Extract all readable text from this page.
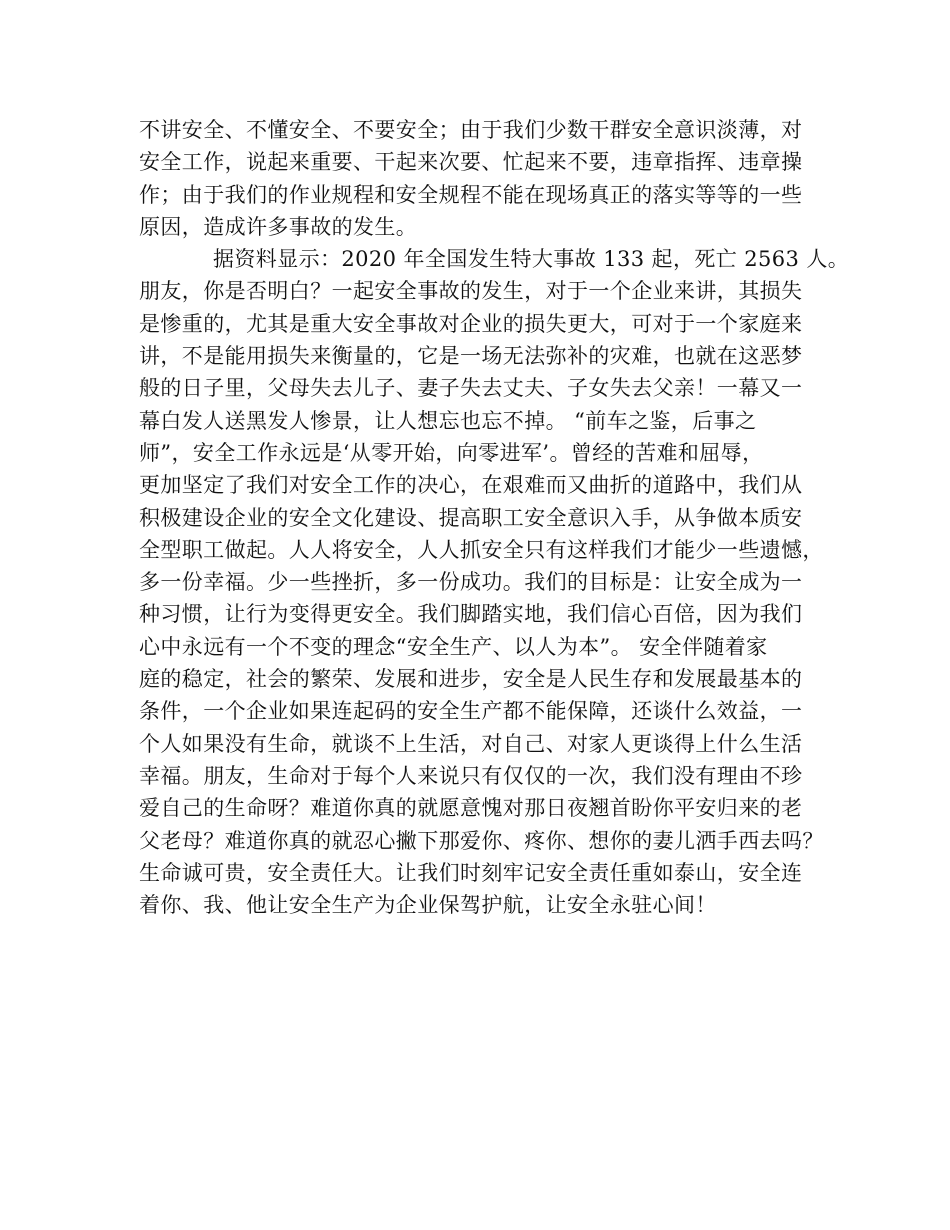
不讲安全、不懂安全、不要安全；由于我们少数干群安全意识淡薄，对
安全工作，说起来重要、干起来次要、忙起来不要，违章指挥、违章操
作；由于我们的作业规程和安全规程不能在现场真正的落实等等的一些
原因，造成许多事故的发生。
据资料显示：2020 年全国发生特大事故 133 起，死亡 2563 人。
朋友，你是否明白？一起安全事故的发生，对于一个企业来讲，其损失
是惨重的，尤其是重大安全事故对企业的损失更大，可对于一个家庭来
讲，不是能用损失来衡量的，它是一场无法弥补的灾难，也就在这恶梦
般的日子里，父母失去儿子、妻子失去丈夫、子女失去父亲！一幕又一
幕白发人送黑发人惨景，让人想忘也忘不掉。 “前车之鉴，后事之
师”，安全工作永远是‘从零开始，向零进军’。曾经的苦难和屈辱，
更加坚定了我们对安全工作的决心，在艰难而又曲折的道路中，我们从
积极建设企业的安全文化建设、提高职工安全意识入手，从争做本质安
全型职工做起。人人将安全，人人抓安全只有这样我们才能少一些遗憾，
多一份幸福。少一些挫折，多一份成功。我们的目标是：让安全成为一
种习惯，让行为变得更安全。我们脚踏实地，我们信心百倍，因为我们
心中永远有一个不变的理念“安全生产、以人为本”。 安全伴随着家
庭的稳定，社会的繁荣、发展和进步，安全是人民生存和发展最基本的
条件，一个企业如果连起码的安全生产都不能保障，还谈什么效益，一
个人如果没有生命，就谈不上生活，对自己、对家人更谈得上什么生活
幸福。朋友，生命对于每个人来说只有仅仅的一次，我们没有理由不珍
爱自己的生命呀？难道你真的就愿意愧对那日夜翘首盼你平安归来的老
父老母？难道你真的就忍心撇下那爱你、疼你、想你的妻儿洒手西去吗？
生命诚可贵，安全责任大。让我们时刻牢记安全责任重如泰山，安全连
着你、我、他让安全生产为企业保驾护航，让安全永驻心间！
